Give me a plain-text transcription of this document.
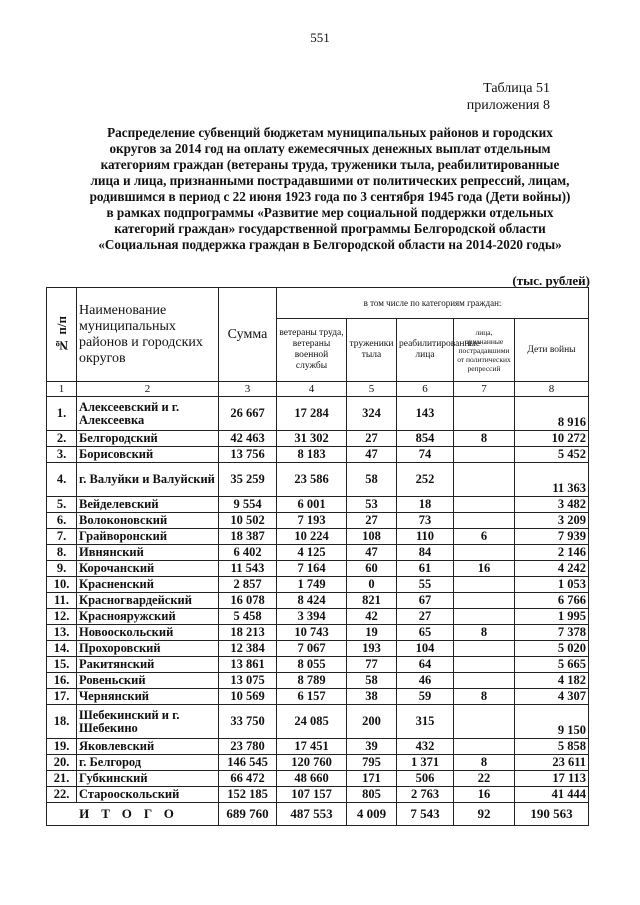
551
Таблица 51
приложения 8
Распределение субвенций бюджетам муниципальных районов и городских округов за 2014 год на оплату ежемесячных денежных выплат отдельным категориям граждан (ветераны труда, труженики тыла, реабилитированные лица и лица, признанными пострадавшими от политических репрессий, лицам, родившимся в период с 22 июня 1923 года по 3 сентября 1945 года (Дети войны)) в рамках подпрограммы «Развитие мер социальной поддержки отдельных категорий граждан» государственной программы Белгородской области «Социальная поддержка граждан в Белгородской области на 2014-2020 годы»
(тыс. рублей)
№ п/п	Наименование муниципальных районов и городских округов	Сумма	в том числе по категориям граждан:				
			ветераны труда, ветераны военной службы	труженики тыла	реабилитированные лица	лица, признанные пострадавшими от политических репрессий	Дети войны
1	2	3	4	5	6	7	8
1.	Алексеевский и г. Алексеевка	26 667	17 284	324	143		8 916
2.	Белгородский	42 463	31 302	27	854	8	10 272
3.	Борисовский	13 756	8 183	47	74		5 452
4.	г. Валуйки и Валуйский	35 259	23 586	58	252		11 363
5.	Вейделевский	9 554	6 001	53	18		3 482
6.	Волоконовский	10 502	7 193	27	73		3 209
7.	Грайворонский	18 387	10 224	108	110	6	7 939
8.	Ивнянский	6 402	4 125	47	84		2 146
9.	Корочанский	11 543	7 164	60	61	16	4 242
10.	Красненский	2 857	1 749	0	55		1 053
11.	Красногвардейский	16 078	8 424	821	67		6 766
12.	Краснояружский	5 458	3 394	42	27		1 995
13.	Новооскольский	18 213	10 743	19	65	8	7 378
14.	Прохоровский	12 384	7 067	193	104		5 020
15.	Ракитянский	13 861	8 055	77	64		5 665
16.	Ровеньский	13 075	8 789	58	46		4 182
17.	Чернянский	10 569	6 157	38	59	8	4 307
18.	Шебекинский и г. Шебекино	33 750	24 085	200	315		9 150
19.	Яковлевский	23 780	17 451	39	432		5 858
20.	г. Белгород	146 545	120 760	795	1 371	8	23 611
21.	Губкинский	66 472	48 660	171	506	22	17 113
22.	Старооскольский	152 185	107 157	805	2 763	16	41 444
ИТОГО		689 760	487 553	4 009	7 543	92	190 563
